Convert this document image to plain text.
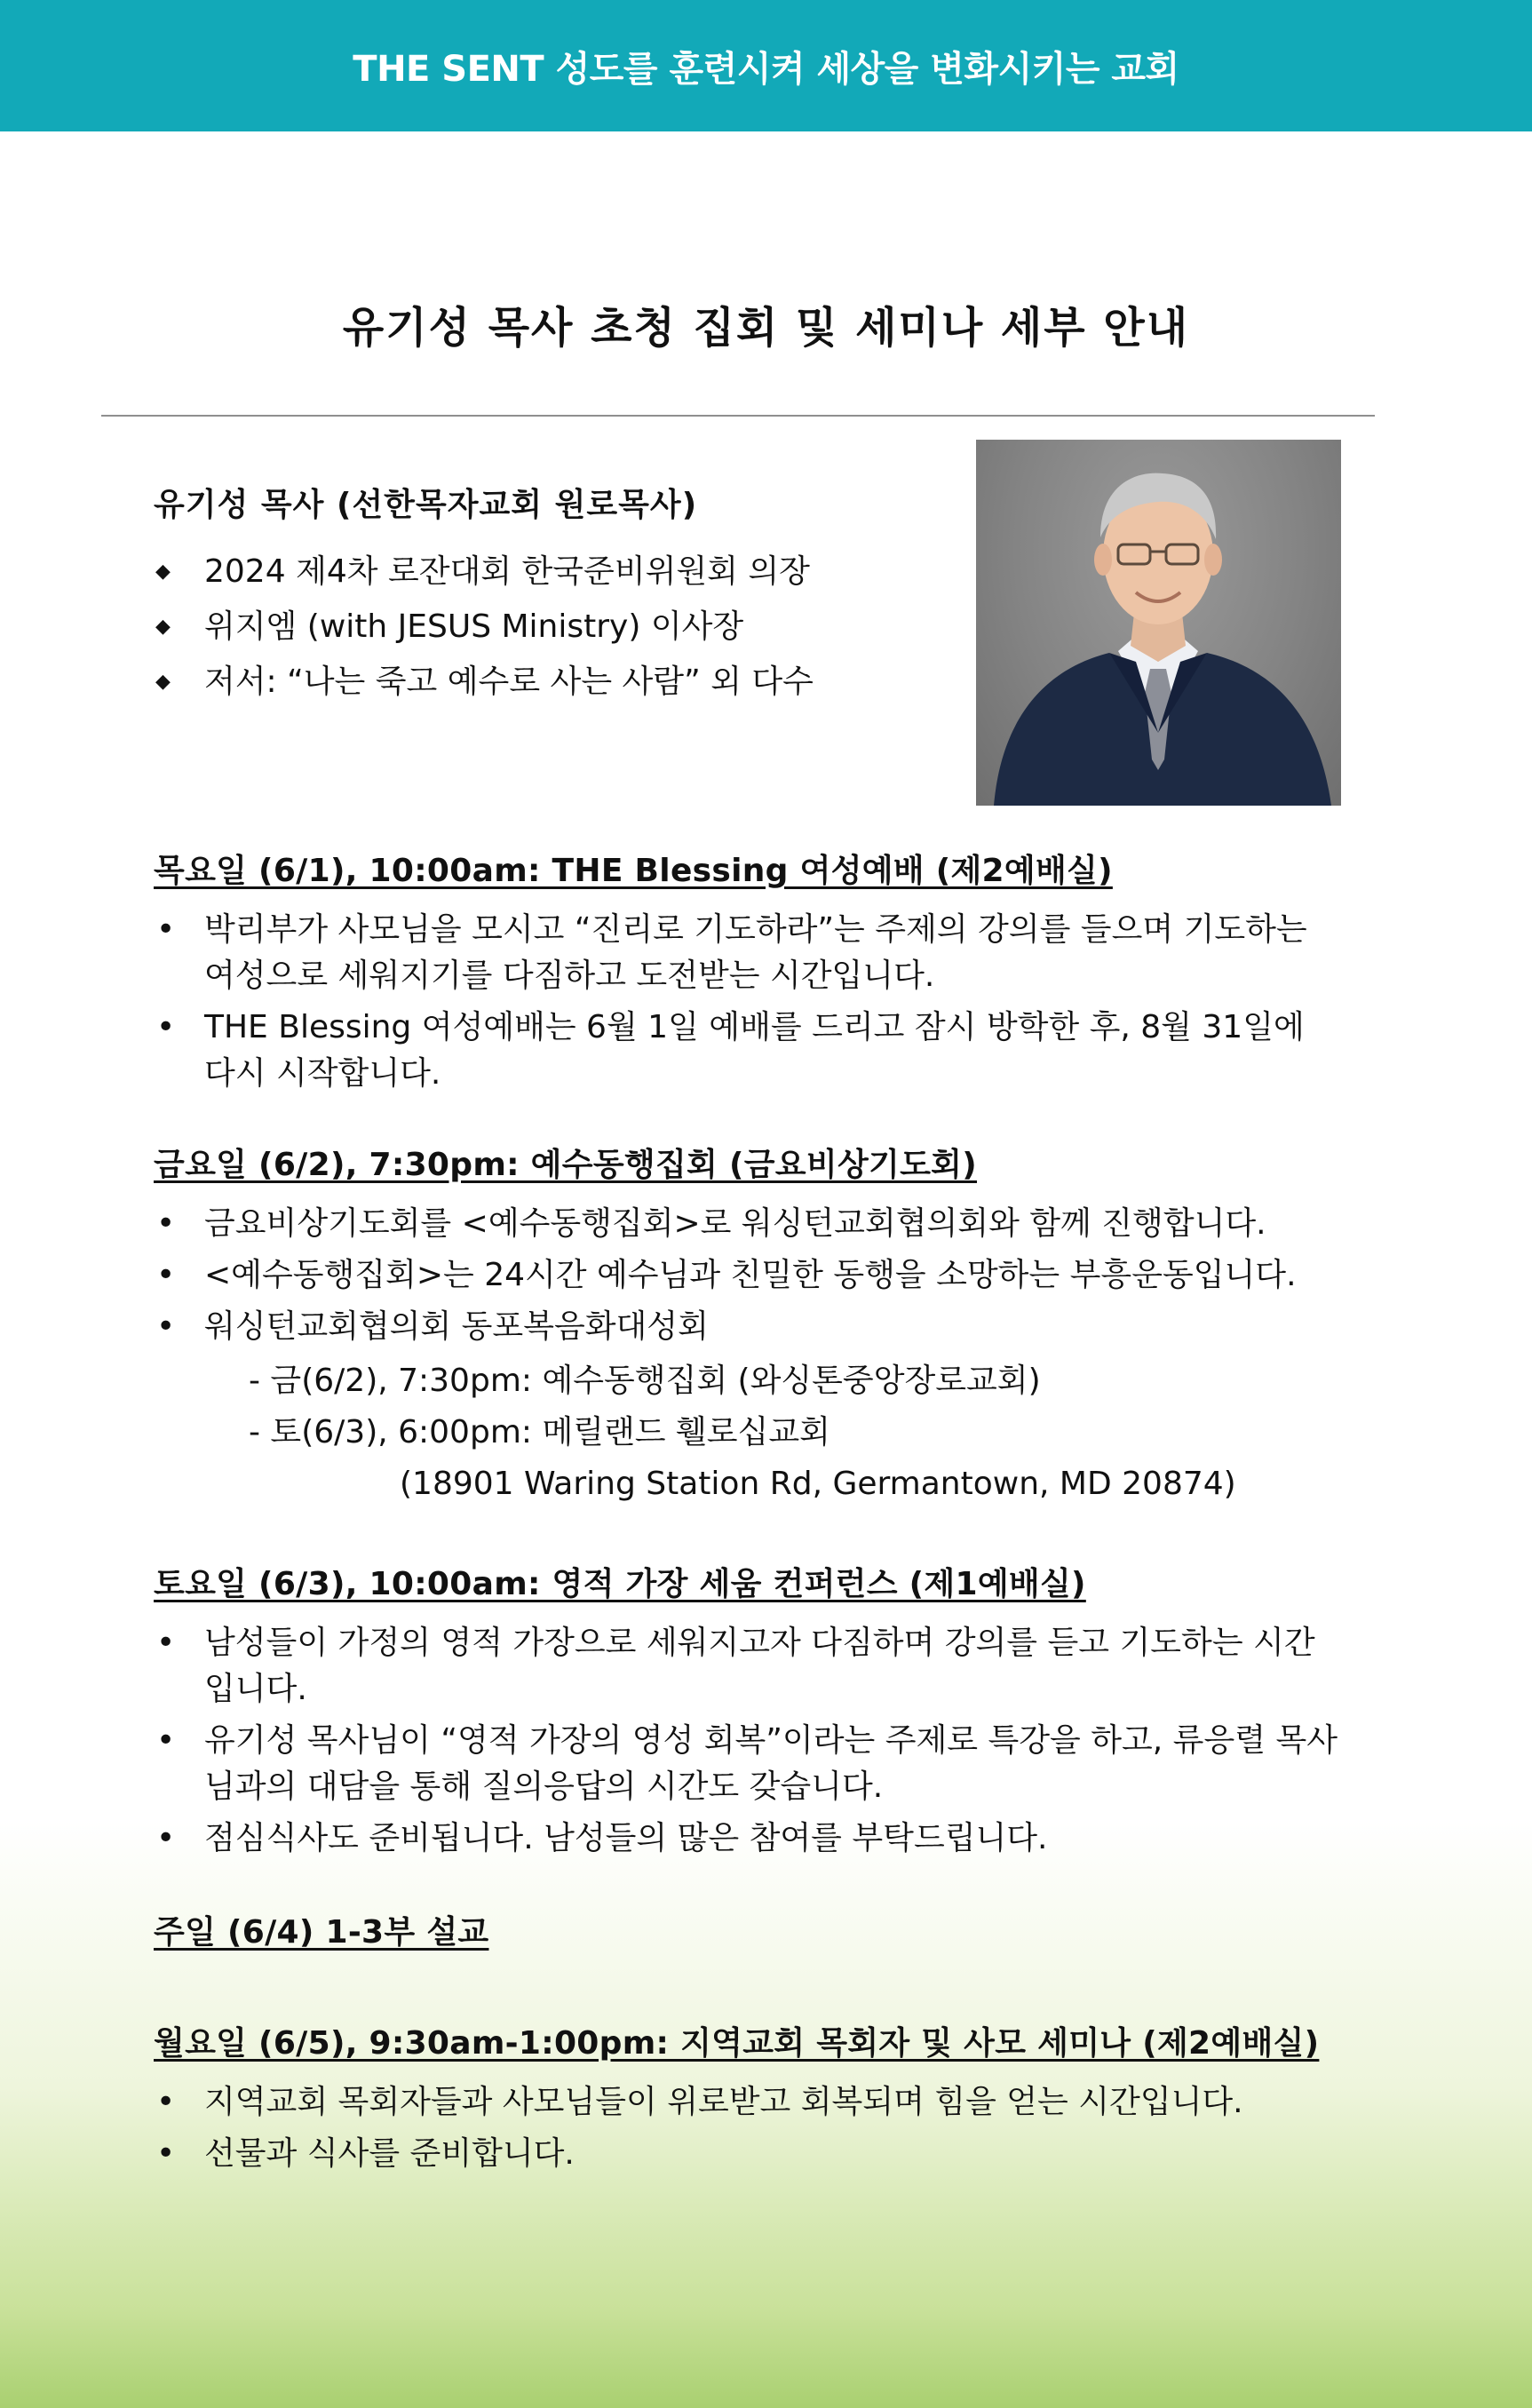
THE SENT 성도를 훈련시켜 세상을 변화시키는 교회
유기성 목사 초청 집회 및 세미나 세부 안내
유기성 목사 (선한목자교회 원로목사)
◆ 2024 제4차 로잔대회 한국준비위원회 의장
◆ 위지엠 (with JESUS Ministry) 이사장
◆ 저서: “나는 죽고 예수로 사는 사람” 외 다수
목요일 (6/1), 10:00am: THE Blessing 여성예배 (제2예배실)
• 박리부가 사모님을 모시고 “진리로 기도하라”는 주제의 강의를 들으며 기도하는 여성으로 세워지기를 다짐하고 도전받는 시간입니다.
• THE Blessing 여성예배는 6월 1일 예배를 드리고 잠시 방학한 후, 8월 31일에 다시 시작합니다.
금요일 (6/2), 7:30pm: 예수동행집회 (금요비상기도회)
• 금요비상기도회를 <예수동행집회>로 워싱턴교회협의회와 함께 진행합니다.
• <예수동행집회>는 24시간 예수님과 친밀한 동행을 소망하는 부흥운동입니다.
• 워싱턴교회협의회 동포복음화대성회
- 금(6/2), 7:30pm: 예수동행집회 (와싱톤중앙장로교회)
- 토(6/3), 6:00pm: 메릴랜드 휄로십교회
(18901 Waring Station Rd, Germantown, MD 20874)
토요일 (6/3), 10:00am: 영적 가장 세움 컨퍼런스 (제1예배실)
• 남성들이 가정의 영적 가장으로 세워지고자 다짐하며 강의를 듣고 기도하는 시간입니다.
• 유기성 목사님이 “영적 가장의 영성 회복”이라는 주제로 특강을 하고, 류응렬 목사님과의 대담을 통해 질의응답의 시간도 갖습니다.
• 점심식사도 준비됩니다. 남성들의 많은 참여를 부탁드립니다.
주일 (6/4) 1-3부 설교
월요일 (6/5), 9:30am-1:00pm: 지역교회 목회자 및 사모 세미나 (제2예배실)
• 지역교회 목회자들과 사모님들이 위로받고 회복되며 힘을 얻는 시간입니다.
• 선물과 식사를 준비합니다.
